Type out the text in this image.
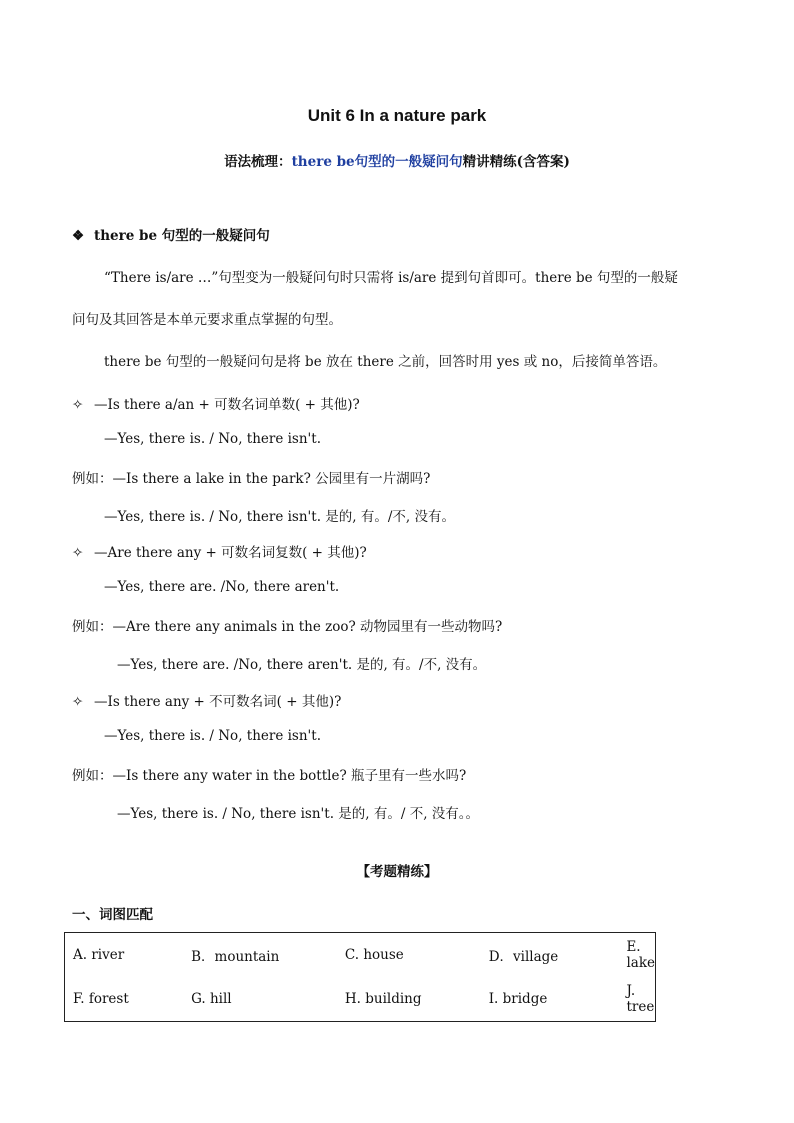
Unit 6 In a nature park
语法梳理：there be句型的一般疑问句精讲精练(含答案)
❖ there be 句型的一般疑问句
“There is/are …”句型变为一般疑问句时只需将 is/are 提到句首即可。there be 句型的一般疑
问句及其回答是本单元要求重点掌握的句型。
there be 句型的一般疑问句是将 be 放在 there 之前，回答时用 yes 或 no，后接简单答语。
✧ —Is there a/an + 可数名词单数( + 其他)?
—Yes, there is. / No, there isn't.
例如：—Is there a lake in the park? 公园里有一片湖吗?
—Yes, there is. / No, there isn't. 是的, 有。/不, 没有。
✧ —Are there any + 可数名词复数( + 其他)?
—Yes, there are. /No, there aren't.
例如：—Are there any animals in the zoo? 动物园里有一些动物吗?
—Yes, there are. /No, there aren't. 是的, 有。/不, 没有。
✧ —Is there any + 不可数名词( + 其他)?
—Yes, there is. / No, there isn't.
例如：—Is there any water in the bottle? 瓶子里有一些水吗?
—Yes, there is. / No, there isn't. 是的, 有。/ 不, 没有。。
【考题精练】
一、词图匹配
A. river	B．mountain	C. house	D．village	E. lake
F. forest	G. hill	H. building	I. bridge	J. tree
